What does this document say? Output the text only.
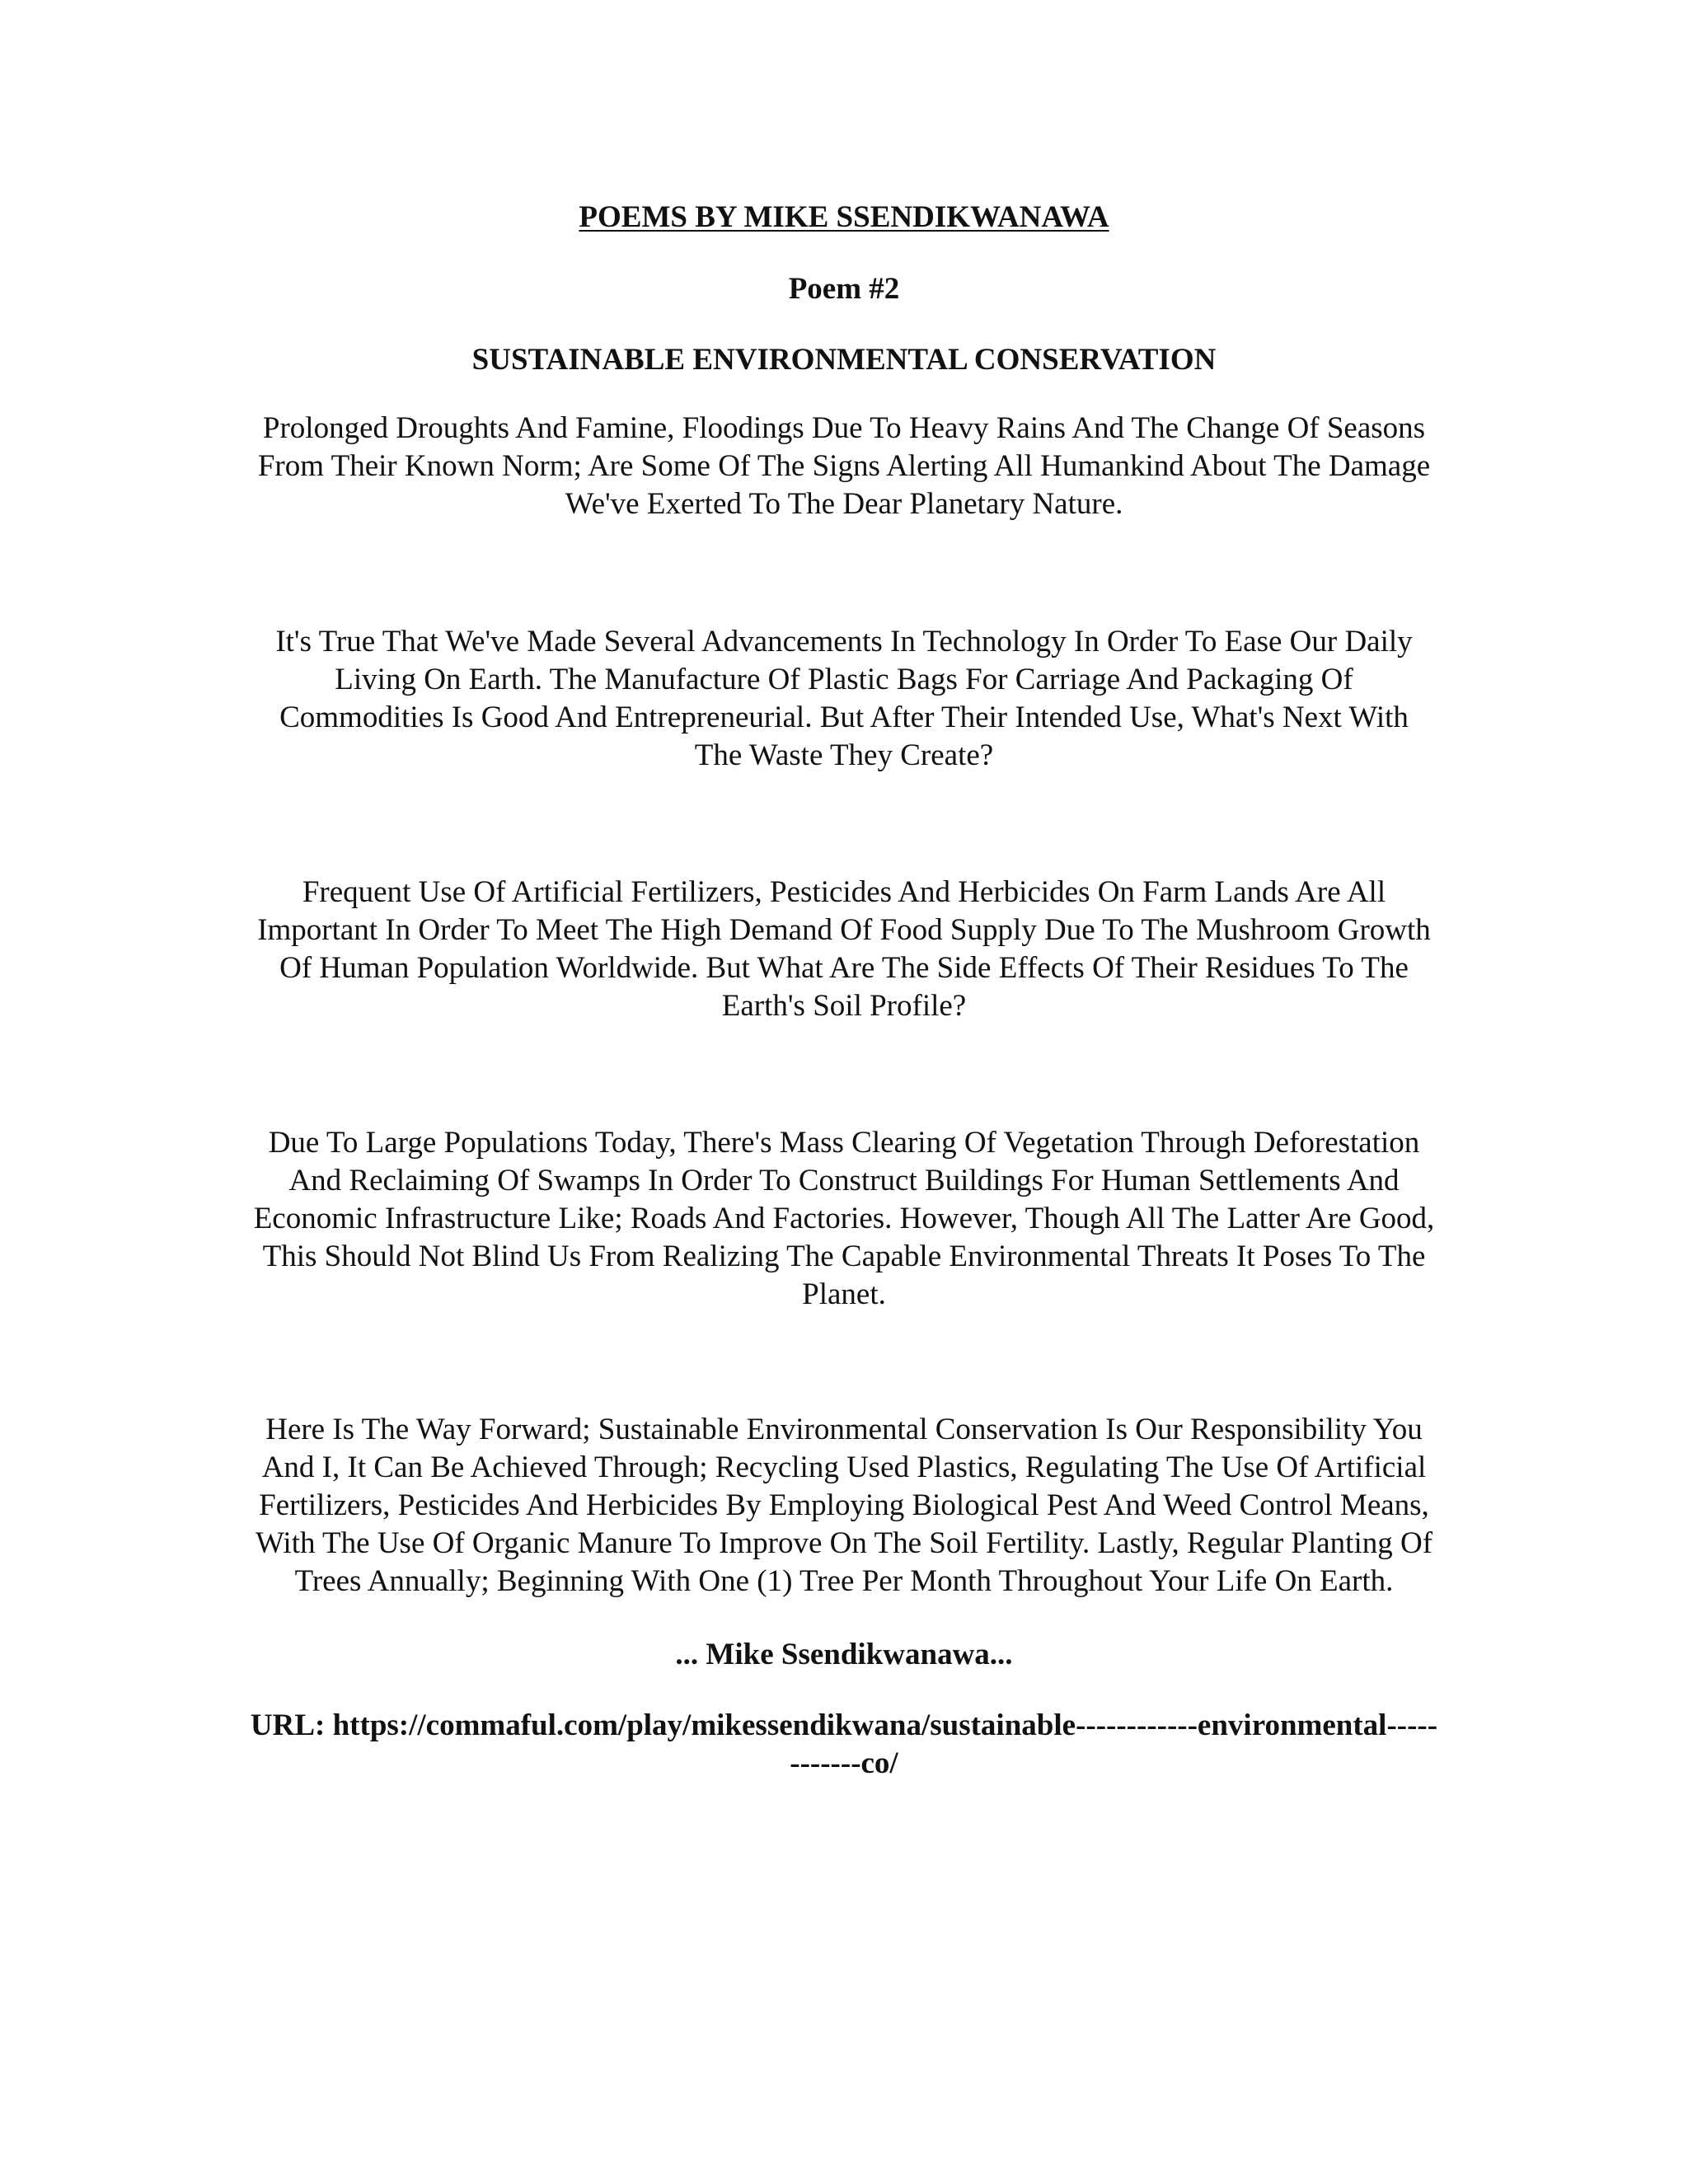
POEMS BY MIKE SSENDIKWANAWA
Poem #2
SUSTAINABLE ENVIRONMENTAL CONSERVATION

Prolonged Droughts And Famine, Floodings Due To Heavy Rains And The Change Of Seasons
From Their Known Norm; Are Some Of The Signs Alerting All Humankind About The Damage
We've Exerted To The Dear Planetary Nature.

It's True That We've Made Several Advancements In Technology In Order To Ease Our Daily
Living On Earth. The Manufacture Of Plastic Bags For Carriage And Packaging Of
Commodities Is Good And Entrepreneurial. But After Their Intended Use, What's Next With
The Waste They Create?

Frequent Use Of Artificial Fertilizers, Pesticides And Herbicides On Farm Lands Are All
Important In Order To Meet The High Demand Of Food Supply Due To The Mushroom Growth
Of Human Population Worldwide. But What Are The Side Effects Of Their Residues To The
Earth's Soil Profile?

Due To Large Populations Today, There's Mass Clearing Of Vegetation Through Deforestation
And Reclaiming Of Swamps In Order To Construct Buildings For Human Settlements And
Economic Infrastructure Like; Roads And Factories. However, Though All The Latter Are Good,
This Should Not Blind Us From Realizing The Capable Environmental Threats It Poses To The
Planet.

Here Is The Way Forward; Sustainable Environmental Conservation Is Our Responsibility You
And I, It Can Be Achieved Through; Recycling Used Plastics, Regulating The Use Of Artificial
Fertilizers, Pesticides And Herbicides By Employing Biological Pest And Weed Control Means,
With The Use Of Organic Manure To Improve On The Soil Fertility. Lastly, Regular Planting Of
Trees Annually; Beginning With One (1) Tree Per Month Throughout Your Life On Earth.

... Mike Ssendikwanawa...

URL: https://commaful.com/play/mikessendikwana/sustainable------------environmental-----
-------co/
